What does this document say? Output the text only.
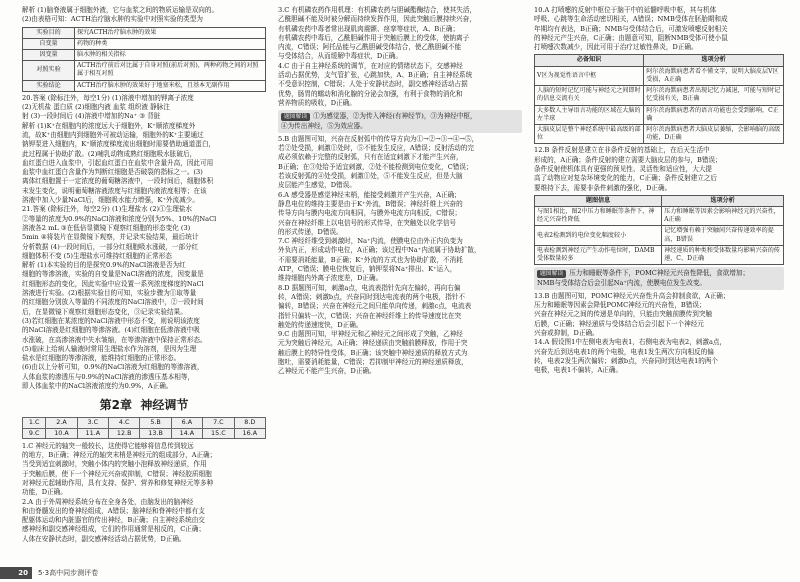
解析 (1)脑脊液属于细胞外液，它与血浆之间的物质运输是双向的。

(2)由表格可知：ACTH治疗脑水肿的实验中对照实验的类型为

实验目的	探究ACTH治疗脑水肿的效果
自变量	药物的种类
因变量	脑水肿的相关指标
对照实验	ACTH治疗前后对比属于自身对照(前后对照)，两种药物之间的对照属于相互对照
实验结论	ACTH治疗脑水肿的效果好于地塞米松，且基本无副作用

20.答案 (除标注外，每空1分) (1)溶液中增加的钾离子浓度

(2)无机盐 蛋白质 (2)细胞内液 血浆 组织液 静脉注

射 (3)一段时间后 (4)溶液中增加的Na⁺ ③ 背脏

解析 (1)K⁺在细胞内的浓度远大于细胞外，K⁺顺浓度梯度外

流，故K⁺由细胞内到细胞外可被动运输，细胞外的K⁺主要通过

钠钾泵进入细胞内，K⁺顺浓度梯度流出细胞时需要借助通道蛋白，

此过程属于协助扩散。(2)哺乳动物成熟红细胞吸水胀破后，

血红蛋白进入血浆中，引起血红蛋白在血浆中含量升高，因此可用

血浆中血红蛋白含量作为判断红细胞是否破裂的指标之一。(3)

离体红细胞置于一定浓度的葡萄糖溶液中，一段时间后，细胞体积

未发生变化，说明葡萄糖溶液浓度与红细胞内液浓度相等；在该

溶液中加入少量NaCl后，细胞吸水能力增强，K⁺外流减少。

21.答案 (除标注外，每空2分) (1)生理盐水 (2)①生理盐水

②等量的浓度为0.9%的NaCl溶液和浓度分别为5%、10%的NaCl

溶液各2 mL ③在低倍显微镜下观察红细胞的形态变化 (3)

5min ④将装片在显微镜下观察，并记录实验结果，最后统计

分析数据 (4)一段时间后，一部分红细胞吸水涨破，一部分红

细胞体积不变 (5)生理盐水可维持红细胞的正常形态

解析 (1)本实验的目的是探究0.9%的NaCl溶液是否为红

细胞的等渗溶液，实验的自变量是NaCl溶液的浓度，因变量是

红细胞形态的变化，因此实验中应设置一系列浓度梯度的NaCl

溶液进行实验。(2)根据实验目的可知，实验步骤为①取等量

的红细胞分别放入等量的不同浓度的NaCl溶液中，②一段时间

后，在显微镜下观察红细胞形态变化，③记录实验结果。

(3)若红细胞在某浓度的NaCl溶液中形态不变，则说明该浓度

的NaCl溶液是红细胞的等渗溶液。(4)红细胞在低渗溶液中吸

水涨破，在高渗溶液中失水皱缩，在等渗溶液中保持正常形态。

(5)临床上给病人输液时常用生理盐水作为溶剂，是因为生理

盐水是红细胞的等渗溶液，能维持红细胞的正常形态。

(6)由以上分析可知，0.9%的NaCl溶液为红细胞的等渗溶液，

人体血浆的渗透压与0.9%的NaCl溶液的渗透压基本相等，

即人体血浆中的NaCl溶液浓度约为0.9%，A正确。

第2章 神经调节
1.C	2.A	3.C	4.C	5.B	6.A	7.C	8.D
9.C	10.A	11.A	12.B	13.B	14.A	15.C	16.A

1.C 神经元的轴突一般较长，这使得它能够将信息传到较远

的地方，B正确；神经元的轴突末梢是神经元的组成部分，A正确；

当受到适宜刺激时，突触小体内的突触小泡释放神经递质，作用

于突触后膜，使下一个神经元兴奋或抑制，C错误；神经胶质细胞

对神经元起辅助作用，具有支持、保护、营养和修复神经元等多种

功能，D正确。

2.A 由于外周神经系统分布在全身各处，由脑发出的脑神经

和由脊髓发出的脊神经组成，A错误；脑神经和脊神经中都有支

配躯体运动和内脏器官的传出神经，B正确；自主神经系统由交

感神经和副交感神经组成，它们的作用通常是相反的，C正确；

人体在安静状态时，副交感神经活动占据优势，D正确。

3.C 有机磷农药作用机理：有机磷农药与胆碱酯酶结合，使其失活，

乙酰胆碱不能及时被分解而持续发挥作用，因此突触后膜持续兴奋，

有机磷农药中毒者常出现肌肉震颤、痉挛等症状，A、B正确；

有机磷农药中毒后，乙酰胆碱作用于突触后膜上的受体，使钠离子

内流，C错误；阿托品能与乙酰胆碱受体结合，使乙酰胆碱不能

与受体结合，从而缓解中毒症状，D正确。

4.C 由于自主神经系统的调节，在对应的情绪状态下，交感神经

活动占据优势，支气管扩张，心跳加快，A、B正确；自主神经系统

不受意识控制，C错误；人处于安静状态时，副交感神经活动占据

优势，肠胃的蠕动和消化腺的分泌会加强，有利于食物的消化和

营养物质的吸收，D正确。

题图解读 ①为感觉器，②为传入神经(有神经节)，③为神经中枢，

④为传出神经，⑤为效应器。

5.B 由题图可知，兴奋在反射弧中的传导方向为①→②→③→④→⑤，

若②处受损，刺激①处时，⑤不能发生反应，A错误；反射活动的完

成必须依赖于完整的反射弧，只有在适宜刺激下才能产生兴奋，

B正确；在③处给予适宜刺激，②处不能检测到电位变化，C错误；

若该反射弧的④处受损，刺激①处，⑤不能发生反应，但是大脑

皮层能产生感觉，D错误。

6.A 感受器是感觉神经末梢，能接受刺激并产生兴奋，A正确；

静息电位的维持主要是由于K⁺外流，B错误；神经纤维上兴奋的

传导方向与膜内电流方向相同，与膜外电流方向相反，C错误；

兴奋在神经纤维上以电信号的形式传导，在突触处以化学信号

的形式传递，D错误。

7.C 神经纤维受到刺激时，Na⁺内流，使膜电位由外正内负变为

外负内正，形成动作电位，A正确；该过程中Na⁺内流属于协助扩散，

不需要消耗能量，B正确；K⁺外流的方式也为协助扩散，不消耗

ATP，C错误；膜电位恢复后，钠钾泵将Na⁺排出、K⁺运入，

维持细胞内外离子浓度差，D正确。

8.D 据题图可知，刺激a点，电流表指针先向左偏转，再向右偏

转，A错误；刺激b点，兴奋同时到达电流表的两个电极，指针不

偏转，B错误；兴奋在神经元之间只能单向传递，刺激c点，电流表

指针只偏转一次，C错误；兴奋在神经纤维上的传导速度比在突

触处的传递速度快，D正确。

9.C 由题图可知，甲神经元和乙神经元之间形成了突触，乙神经

元为突触后神经元，A正确；神经递质由突触前膜释放，作用于突

触后膜上的特异性受体，B正确；该突触中神经递质的释放方式为

胞吐，需要消耗能量，C错误；若抑制甲神经元的神经递质释放，

乙神经元不能产生兴奋，D正确。

10.A 打喷嚏的反射中枢位于脑干中的延髓呼吸中枢，其与机体

呼吸、心跳等生命活动密切相关，A错误；NMB受体在胚胎期和成

年期均有表达，B正确；NMB与受体结合后，可激发喷嚏反射相关

的神经元产生兴奋，C正确；由题意可知，阻断NMB受体可使小鼠

打喷嚏次数减少，因此可用于治疗过敏性鼻炎，D正确。

必备知识	选项分析
V区为视觉性语言中枢	阿尔茨海默病患者看不懂文字，说明大脑皮层V区受损，A正确
人脑的短时记忆可能与神经元之间即时的信息交流有关	阿尔茨海默病患者出现记忆力减退，可能与短时记忆受损有关，B正确
大多数人主导语言功能的区域在大脑的左半球	阿尔茨海默病患者的语言功能也会受到影响，C正确
大脑皮层是整个神经系统中最高级的部位	阿尔茨海默病患者大脑皮层萎缩，会影响脑的高级功能，D正确

12.B 条件反射是建立在非条件反射的基础上，在后天生活中

形成的，A正确；条件反射的建立需要大脑皮层的参与，B错误；

条件反射使机体具有更强的预见性、灵活性和适应性，大大提

高了动物应对复杂环境变化的能力，C正确；条件反射建立之后

要维持下去，需要非条件刺激的强化，D正确。

题图信息	选项分析
与图1相比，图2中压力和睡眠等条件下，神经元兴奋性降低	压力和睡眠等因素会影响神经元的兴奋性，A正确
电表2检测到的电位变化幅度较小	记忆增强有赖于突触间兴奋传递效率的提高，B错误
电表检测到神经元产生动作电位时，DAMB受体数量较多	神经递质的种类和受体数量均影响兴奋的传递，C、D正确

题图解读 压力和睡眠等条件下，POMC神经元兴奋性降低，食欲增加；

NMB与受体结合后会引起Na⁺内流，使膜电位发生改变。

13.B 由题图可知，POMC神经元兴奋性升高会抑制食欲，A正确；

压力和睡眠等因素会降低POMC神经元的兴奋性，B错误；

兴奋在神经元之间的传递是单向的，只能由突触前膜传到突触

后膜，C正确；神经递质与受体结合后会引起下一个神经元

兴奋或抑制，D正确。

14.A 假设图1中左侧电表为电表1，右侧电表为电表2，刺激a点，

兴奋先后到达电表1的两个电极，电表1发生两次方向相反的偏

转，电表2发生两次偏转；刺激b点，兴奋同时到达电表1的两个

电极，电表1不偏转，A正确。

20	5·3高中同步测评卷
